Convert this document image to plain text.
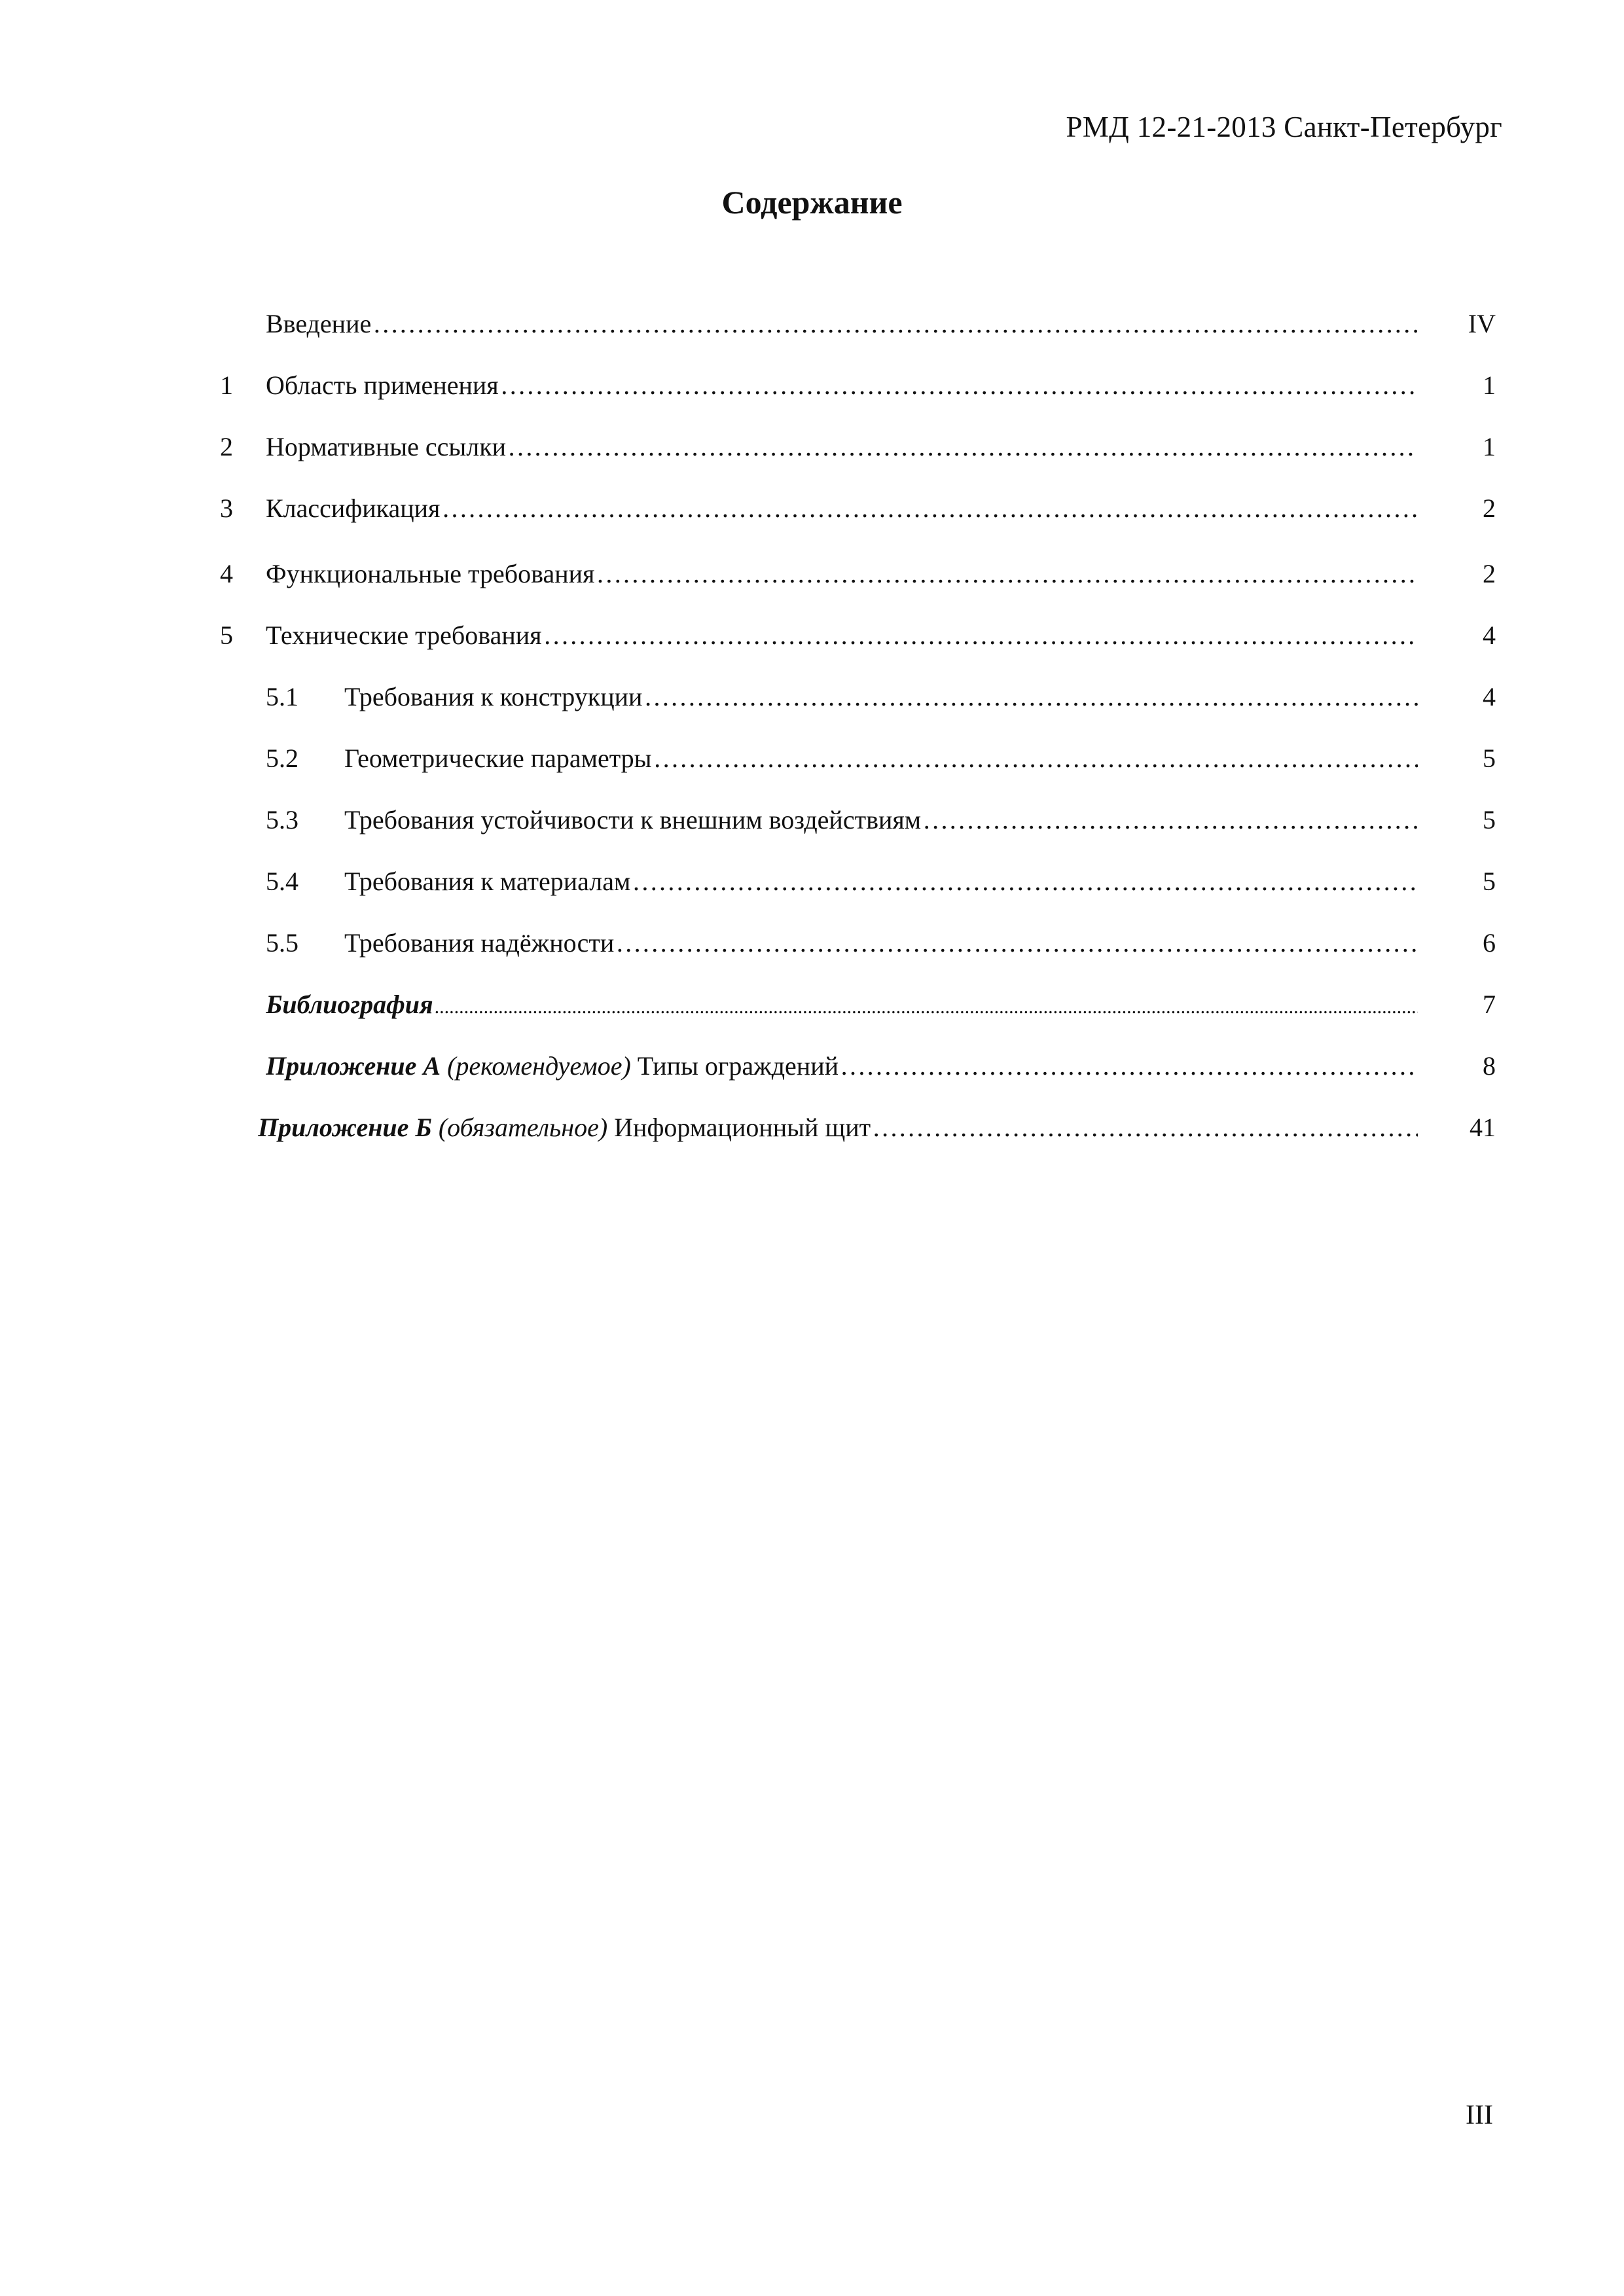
РМД 12-21-2013 Санкт-Петербург
Содержание
Введение ………………………………………………………………………………………………………………………………………………………………………………………………………………………………………………………………………………………………………………………………	IV
1 Область применения ………………………………………………………………………………………………………………………………………………………………………………………………………………………………………………………………………………………………………………………………	1
2 Нормативные ссылки ………………………………………………………………………………………………………………………………………………………………………………………………………………………………………………………………………………………………………………………………	1
3 Классификация ………………………………………………………………………………………………………………………………………………………………………………………………………………………………………………………………………………………………………………………………	2
4 Функциональные требования ………………………………………………………………………………………………………………………………………………………………………………………………………………………………………………………………………………………………………………………………	2
5 Технические требования ………………………………………………………………………………………………………………………………………………………………………………………………………………………………………………………………………………………………………………………………	4
5.1 Требования к конструкции ………………………………………………………………………………………………………………………………………………………………………………………………………………………………………………………………………………………………………………………………	4
5.2 Геометрические параметры ………………………………………………………………………………………………………………………………………………………………………………………………………………………………………………………………………………………………………………………………	5
5.3 Требования устойчивости к внешним воздействиям ………………………………………………………………………………………………………………………………………………………………………………………………………………………………………………………………………………………………………………………………	5
5.4 Требования к материалам ………………………………………………………………………………………………………………………………………………………………………………………………………………………………………………………………………………………………………………………………	5
5.5 Требования надёжности ………………………………………………………………………………………………………………………………………………………………………………………………………………………………………………………………………………………………………………………………	6
Библиография .....	7
Приложение А (рекомендуемое) Типы ограждений ………………………………………………………………………………………………………………………………………………………………………………………………………………………………………………………………………………………………………………………………	8
Приложение Б (обязательное) Информационный щит ………………………………………………………………………………………………………………………………………………………………………………………………………………………………………………………………………………………………………………………………	41
III
